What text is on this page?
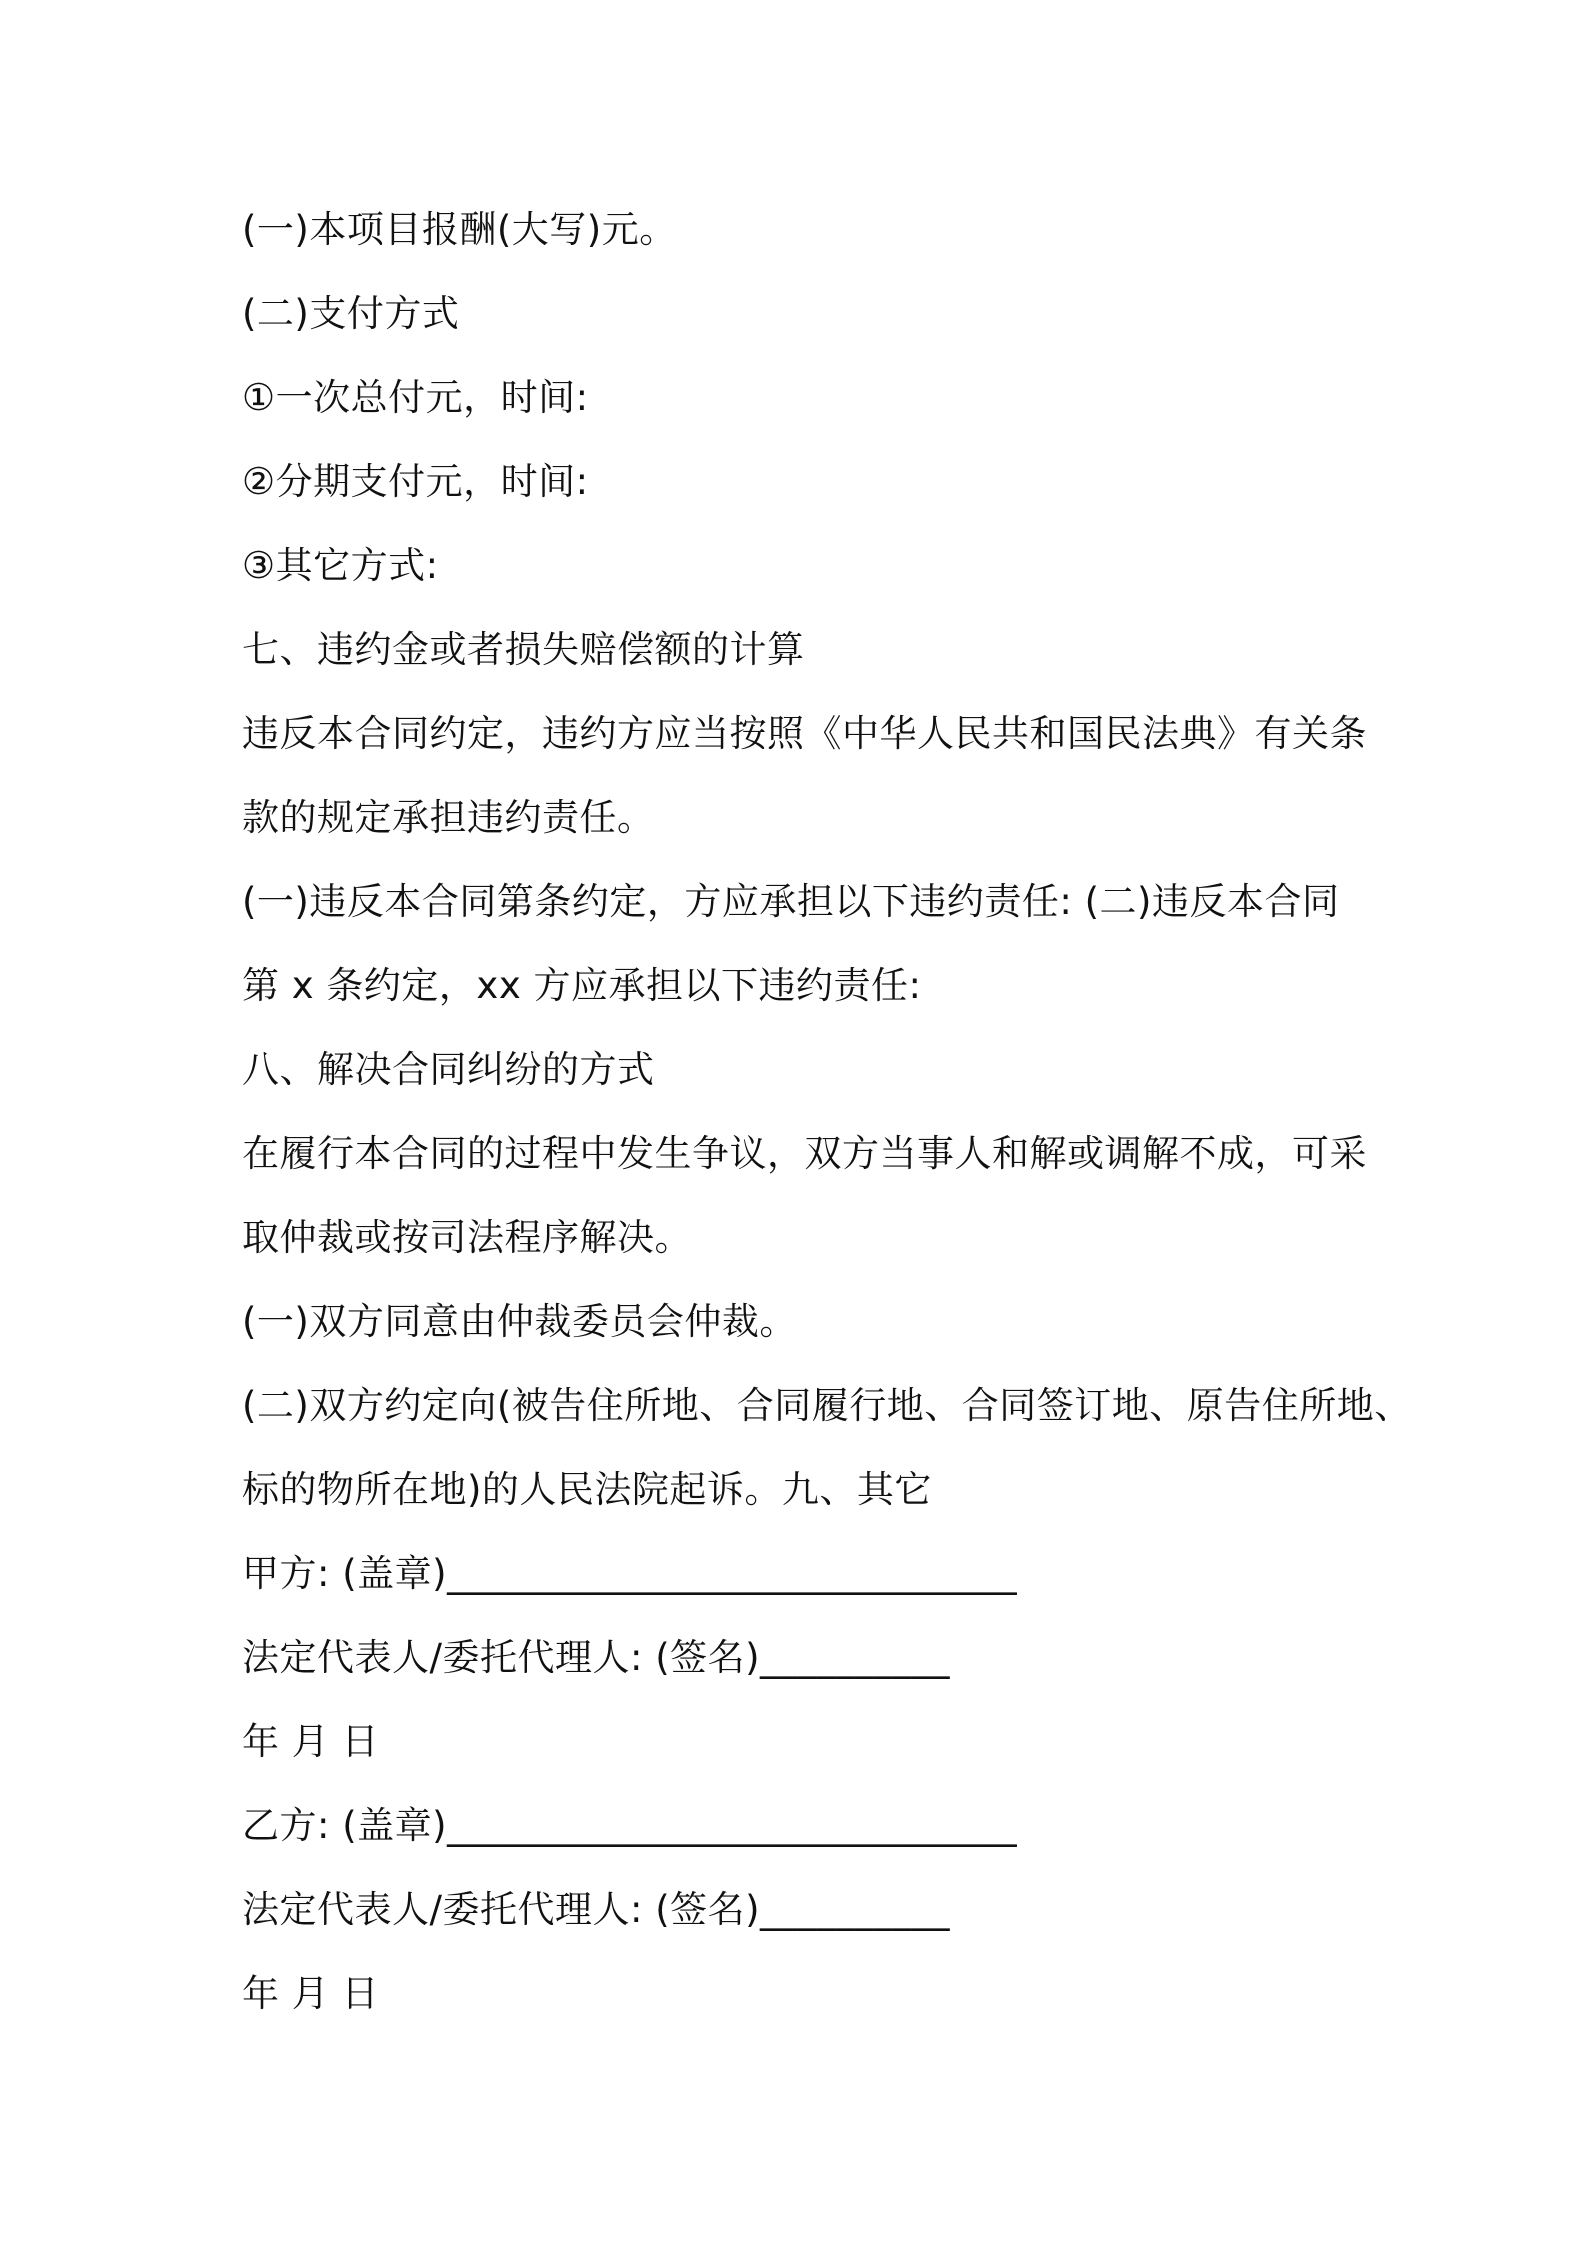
(一)本项目报酬(大写)元。
(二)支付方式
①一次总付元，时间:
②分期支付元，时间:
③其它方式:
七、违约金或者损失赔偿额的计算
违反本合同约定，违约方应当按照《中华人民共和国民法典》有关条
款的规定承担违约责任。
(一)违反本合同第条约定，方应承担以下违约责任: (二)违反本合同
第 x 条约定，xx 方应承担以下违约责任:
八、解决合同纠纷的方式
在履行本合同的过程中发生争议，双方当事人和解或调解不成，可采
取仲裁或按司法程序解决。
(一)双方同意由仲裁委员会仲裁。
(二)双方约定向(被告住所地、合同履行地、合同签订地、原告住所地、
标的物所在地)的人民法院起诉。九、其它
甲方: (盖章)______________________________
法定代表人/委托代理人: (签名)__________
年 月 日
乙方: (盖章)______________________________
法定代表人/委托代理人: (签名)__________
年 月 日
